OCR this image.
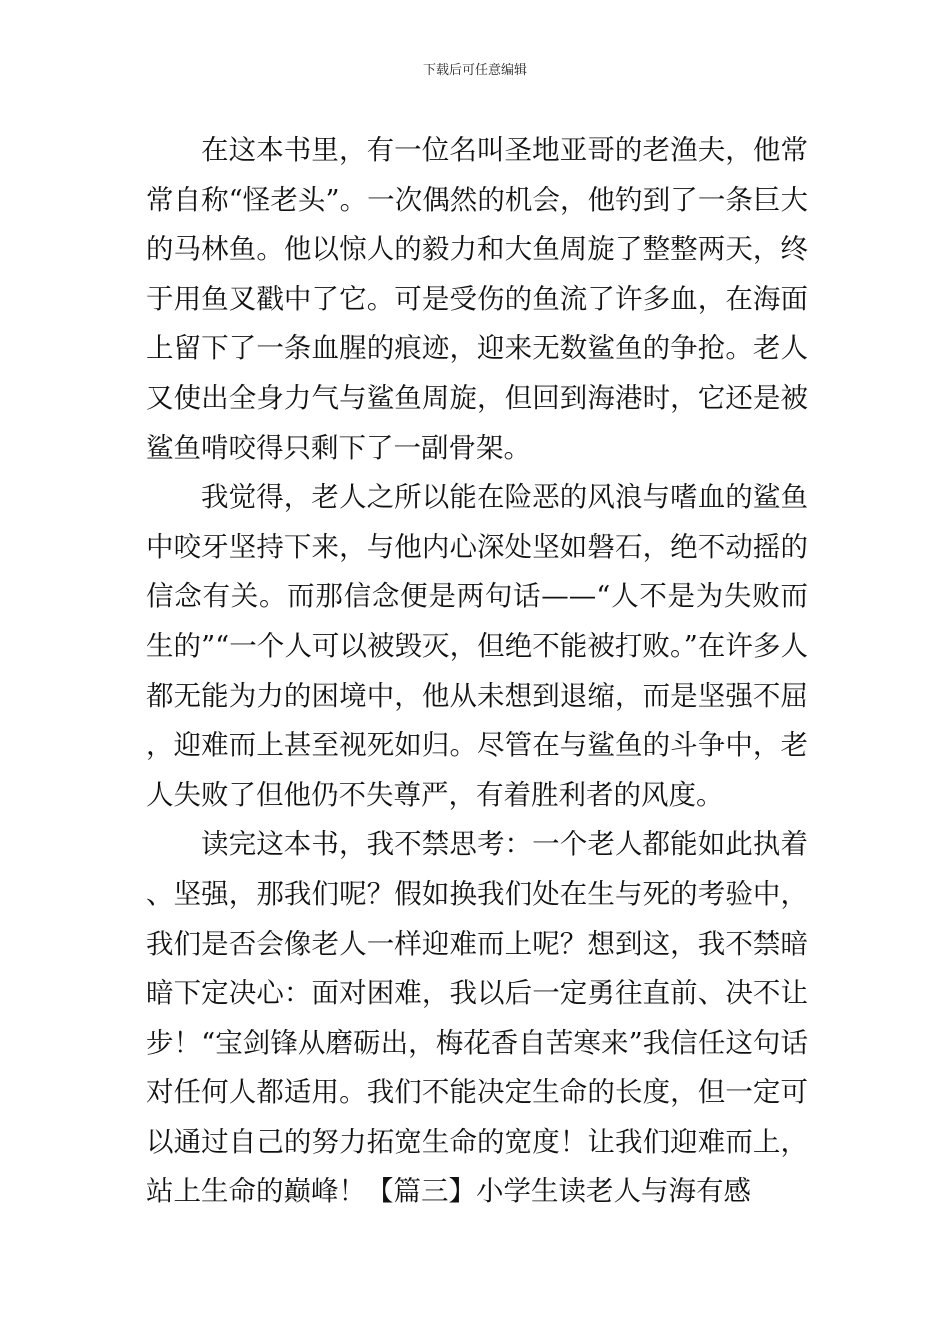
下载后可任意编辑

在这本书里，有一位名叫圣地亚哥的老渔夫，他常常自称“怪老头”。一次偶然的机会，他钓到了一条巨大的马林鱼。他以惊人的毅力和大鱼周旋了整整两天，终于用鱼叉戳中了它。可是受伤的鱼流了许多血，在海面上留下了一条血腥的痕迹，迎来无数鲨鱼的争抢。老人又使出全身力气与鲨鱼周旋，但回到海港时，它还是被鲨鱼啃咬得只剩下了一副骨架。

我觉得，老人之所以能在险恶的风浪与嗜血的鲨鱼中咬牙坚持下来，与他内心深处坚如磐石，绝不动摇的信念有关。而那信念便是两句话——“人不是为失败而生的”“一个人可以被毁灭，但绝不能被打败。”在许多人都无能为力的困境中，他从未想到退缩，而是坚强不屈，迎难而上甚至视死如归。尽管在与鲨鱼的斗争中，老人失败了但他仍不失尊严，有着胜利者的风度。

读完这本书，我不禁思考：一个老人都能如此执着、坚强，那我们呢？假如换我们处在生与死的考验中，我们是否会像老人一样迎难而上呢？想到这，我不禁暗暗下定决心：面对困难，我以后一定勇往直前、决不让步！“宝剑锋从磨砺出，梅花香自苦寒来”我信任这句话对任何人都适用。我们不能决定生命的长度，但一定可以通过自己的努力拓宽生命的宽度！让我们迎难而上，站上生命的巅峰！【篇三】小学生读老人与海有感
